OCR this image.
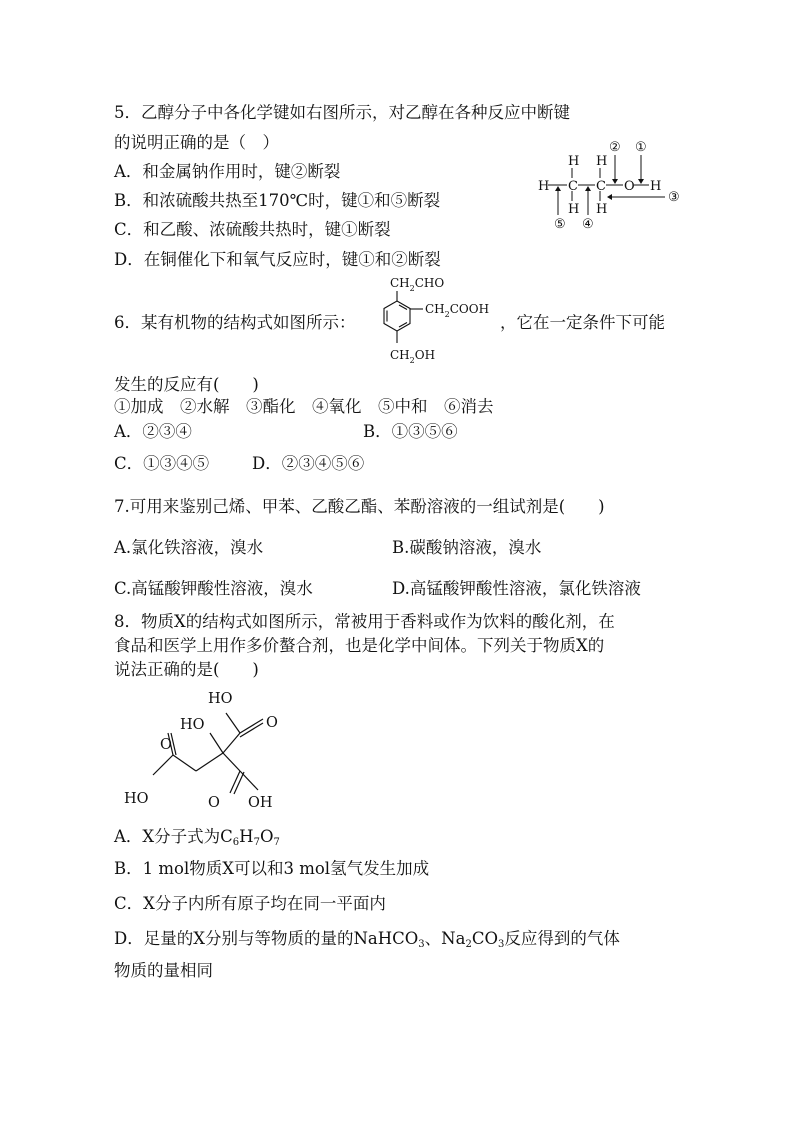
5．乙醇分子中各化学键如右图所示，对乙醇在各种反应中断键
的说明正确的是（　）
A．和金属钠作用时，键②断裂
B．和浓硫酸共热至170℃时，键①和⑤断裂
C．和乙酸、浓硫酸共热时，键①断裂
D．在铜催化下和氧气反应时，键①和②断裂
H H
H C C
H H
H
O
② ①
③
④
⑤
6．某有机物的结构式如图所示：
$CH_2CHO$
$CH_2COOH$
$CH_2OH$
，它在一定条件下可能
发生的反应有(　　)
①加成　②水解　③酯化　④氧化　⑤中和　⑥消去
A．②③④	B．①③⑤⑥
C．①③④⑤	D．②③④⑤⑥
7.可用来鉴别己烯、甲苯、乙酸乙酯、苯酚溶液的一组试剂是(　　)
A.氯化铁溶液，溴水	B.碳酸钠溶液，溴水
C.高锰酸钾酸性溶液，溴水	D.高锰酸钾酸性溶液，氯化铁溶液
8．物质X的结构式如图所示，常被用于香料或作为饮料的酸化剂，在
食品和医学上用作多价螯合剂，也是化学中间体。下列关于物质X的
说法正确的是(　　)
HO
O
HO
O
HO	O OH
A．X分子式为$C_6H_7O_7$
B．1 mol物质X可以和3 mol氢气发生加成
C．X分子内所有原子均在同一平面内
D．足量的X分别与等物质的量的NaHCO$_3$、$Na_2CO_3$反应得到的气体
物质的量相同
